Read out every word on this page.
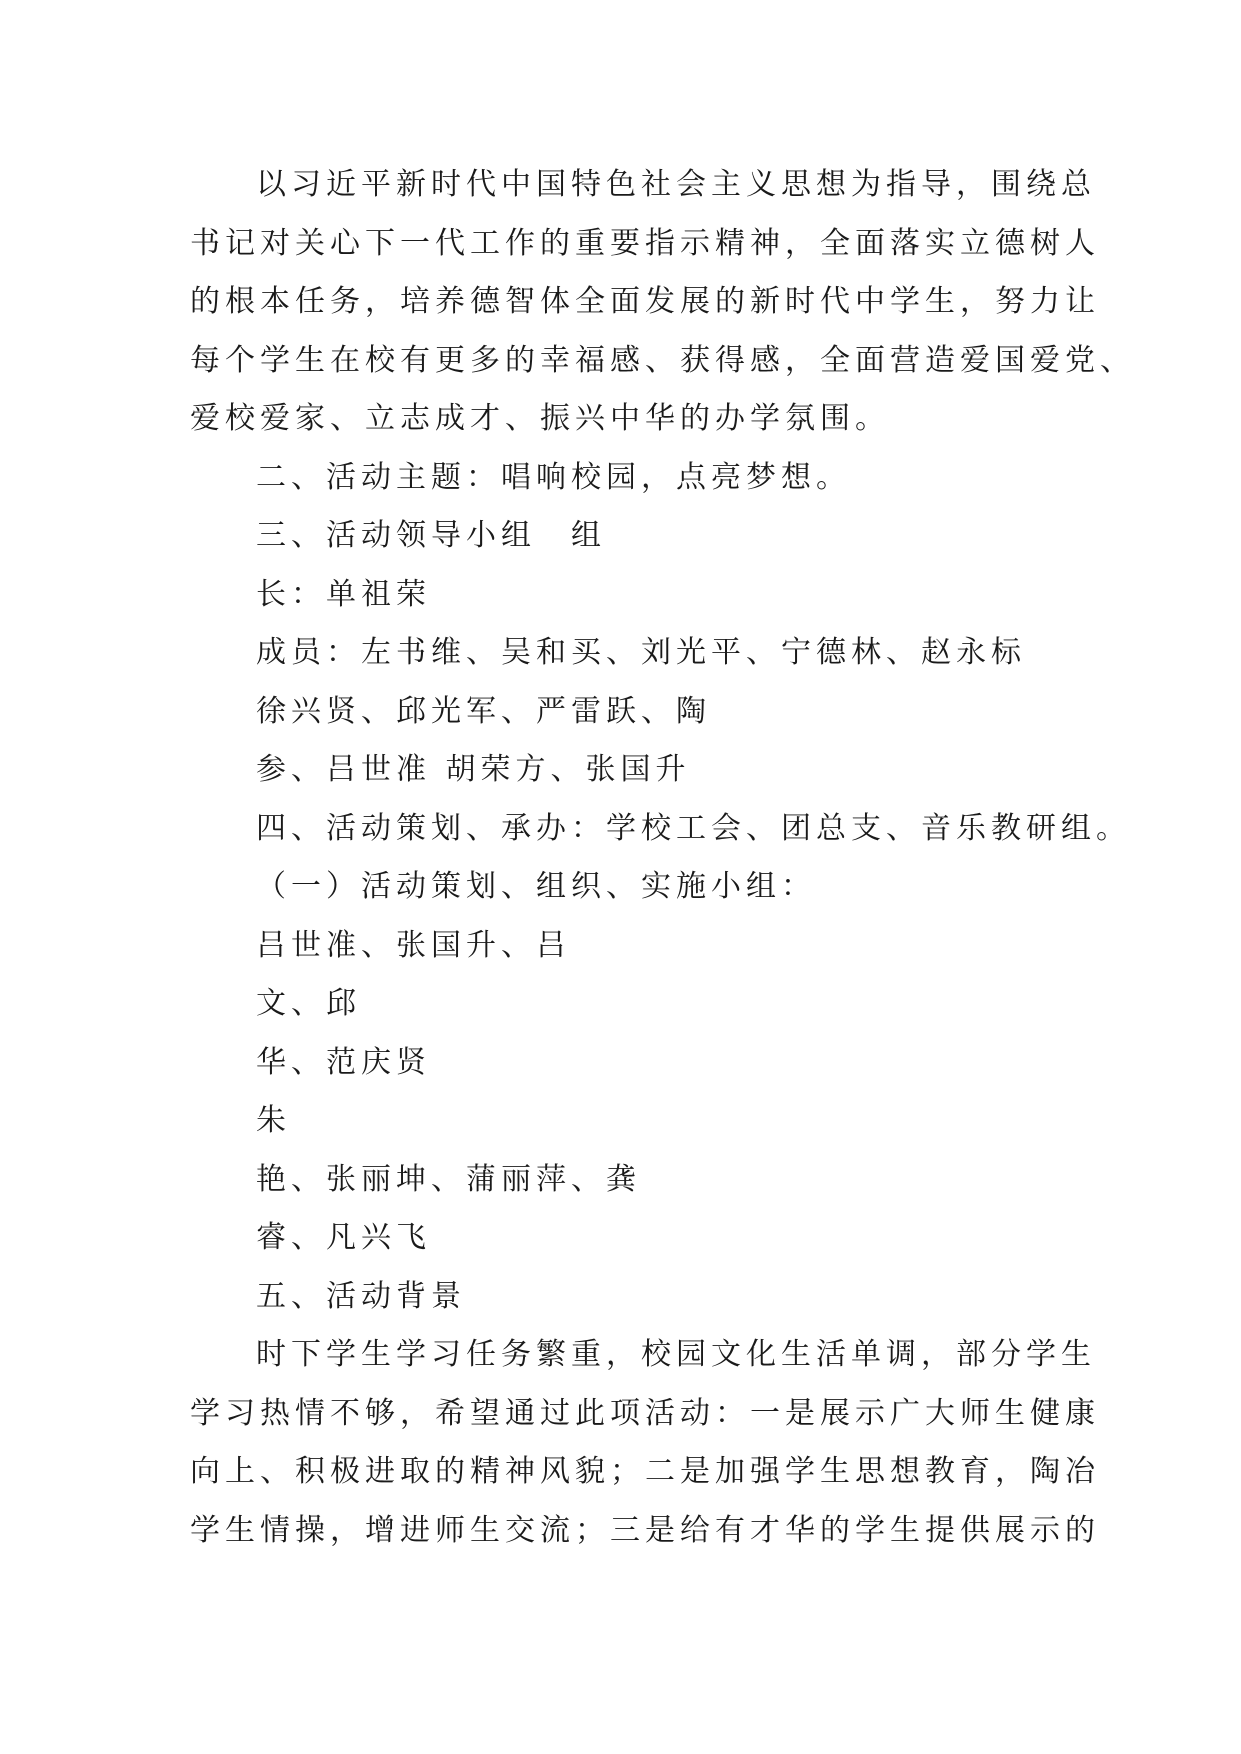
以习近平新时代中国特色社会主义思想为指导，围绕总
书记对关心下一代工作的重要指示精神，全面落实立德树人
的根本任务，培养德智体全面发展的新时代中学生，努力让
每个学生在校有更多的幸福感、获得感，全面营造爱国爱党、
爱校爱家、立志成才、振兴中华的办学氛围。
二、活动主题：唱响校园，点亮梦想。
三、活动领导小组　组
长：单祖荣
成员：左书维、吴和买、刘光平、宁德林、赵永标
徐兴贤、邱光军、严雷跃、陶
参、吕世准 胡荣方、张国升
四、活动策划、承办：学校工会、团总支、音乐教研组。
（一）活动策划、组织、实施小组：
吕世准、张国升、吕
文、邱
华、范庆贤
朱
艳、张丽坤、蒲丽萍、龚
睿、凡兴飞
五、活动背景
时下学生学习任务繁重，校园文化生活单调，部分学生
学习热情不够，希望通过此项活动：一是展示广大师生健康
向上、积极进取的精神风貌；二是加强学生思想教育，陶冶
学生情操，增进师生交流；三是给有才华的学生提供展示的
